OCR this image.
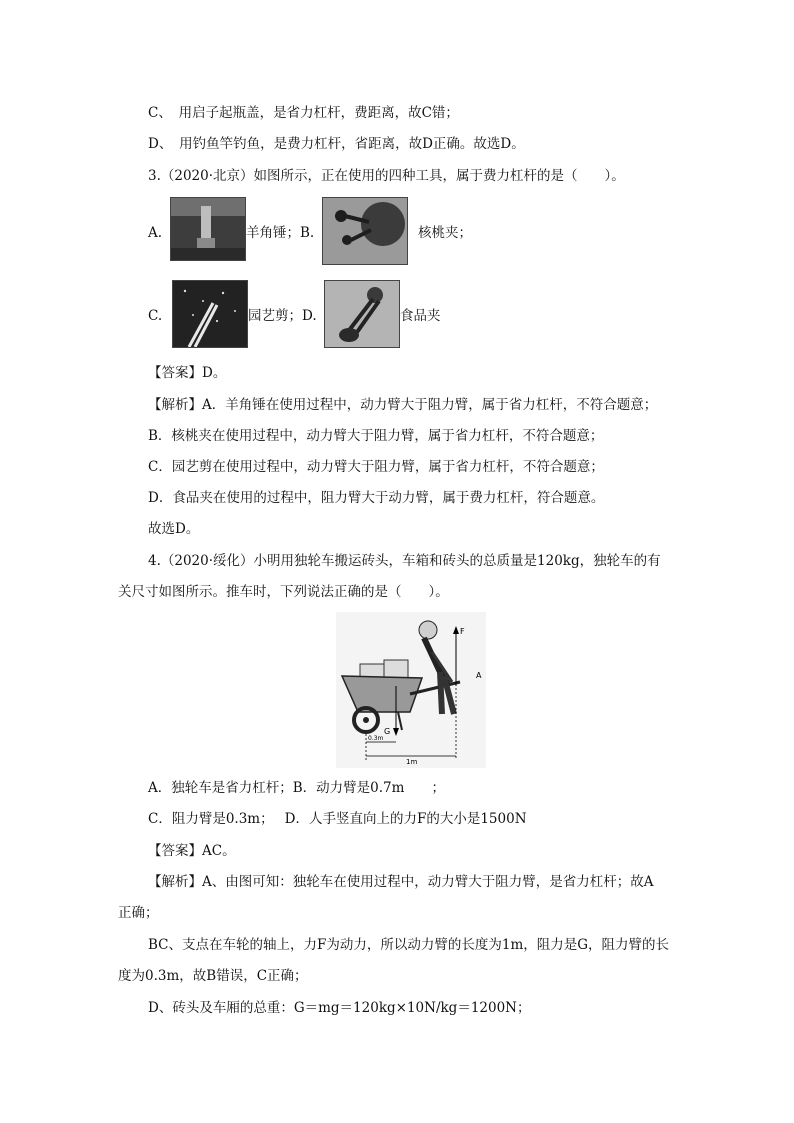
C、　用启子起瓶盖，是省力杠杆，费距离，故C错；
D、　用钓鱼竿钓鱼，是费力杠杆，省距离，故D正确。故选D。
3.（2020·北京）如图所示，正在使用的四种工具，属于费力杠杆的是（　　）。
A.	羊角锤；B.	核桃夹；
C.	园艺剪；D.	食品夹
【答案】D。
【解析】A．羊角锤在使用过程中，动力臂大于阻力臂，属于省力杠杆，不符合题意；
B．核桃夹在使用过程中，动力臂大于阻力臂，属于省力杠杆，不符合题意；
C．园艺剪在使用过程中，动力臂大于阻力臂，属于省力杠杆，不符合题意；
D．食品夹在使用的过程中，阻力臂大于动力臂，属于费力杠杆，符合题意。
故选D。
4.（2020·绥化）小明用独轮车搬运砖头，车箱和砖头的总质量是120kg，独轮车的有
关尺寸如图所示。推车时，下列说法正确的是（　　）。
F
A
G
0.3m
1m
A．独轮车是省力杠杆；B．动力臂是0.7m　　；
C．阻力臂是0.3m；　 D．人手竖直向上的力F的大小是1500N
【答案】AC。
【解析】A、由图可知：独轮车在使用过程中，动力臂大于阻力臂，是省力杠杆；故A
正确；
BC、支点在车轮的轴上，力F为动力，所以动力臂的长度为1m，阻力是G，阻力臂的长
度为0.3m，故B错误，C正确；
D、砖头及车厢的总重：G＝mg＝120kg×10N/kg＝1200N；
